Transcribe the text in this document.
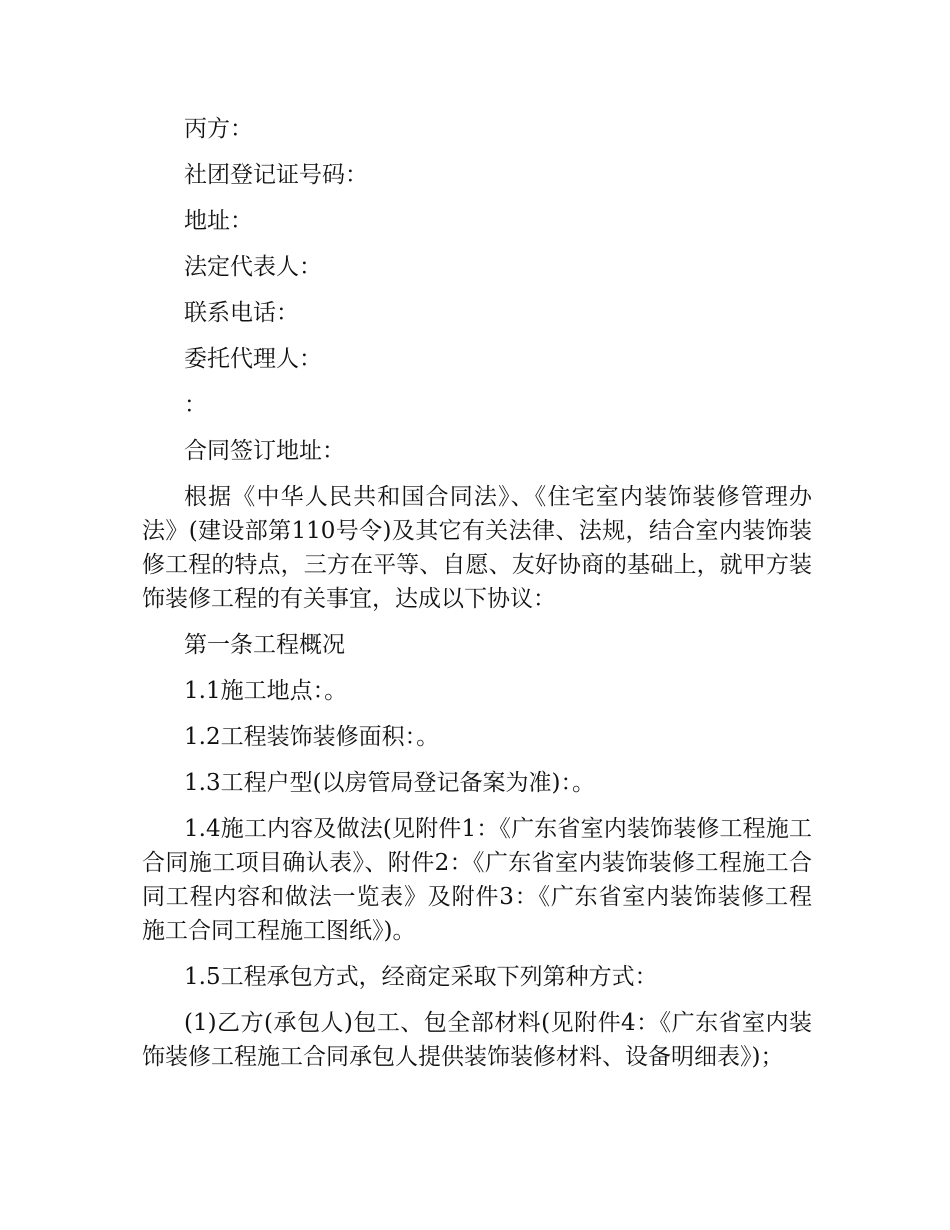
丙方：

社团登记证号码：

地址：

法定代表人：

联系电话：

委托代理人：

：

合同签订地址：

根据《中华人民共和国合同法》、《住宅室内装饰装修管理办法》(建设部第110号令)及其它有关法律、法规，结合室内装饰装修工程的特点，三方在平等、自愿、友好协商的基础上，就甲方装饰装修工程的有关事宜，达成以下协议：

第一条工程概况

1.1施工地点：。

1.2工程装饰装修面积：。

1.3工程户型(以房管局登记备案为准)：。

1.4施工内容及做法(见附件1：《广东省室内装饰装修工程施工合同施工项目确认表》、附件2：《广东省室内装饰装修工程施工合同工程内容和做法一览表》及附件3：《广东省室内装饰装修工程施工合同工程施工图纸》)。

1.5工程承包方式，经商定采取下列第种方式：

(1)乙方(承包人)包工、包全部材料(见附件4：《广东省室内装饰装修工程施工合同承包人提供装饰装修材料、设备明细表》)；
